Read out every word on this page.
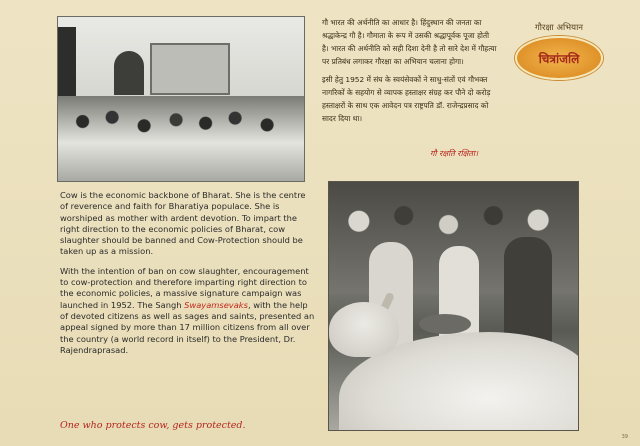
गौ भारत की अर्थनीति का आधार है। हिंदुस्थान की जनता का श्रद्धाकेन्द्र गौ है। गौमाता के रूप में उसकी श्रद्धापूर्वक पूजा होती है। भारत की अर्थनीति को सही दिशा देनी है तो सारे देश में गौहत्या पर प्रतिबंध लगाकर गौरक्षा का अभियान चलाना होगा।

इसी हेतु 1952 में संघ के स्वयंसेवकों ने साधु-संतों एवं गौभक्त नागरिकों के सहयोग से व्यापक हस्ताक्षर संग्रह कर पौने दो करोड़ हस्ताक्षरों के साथ एक आवेदन पत्र राष्ट्रपति डॉ. राजेन्द्रप्रसाद को सादर दिया था।

गौ रक्षति रक्षिता।
गौरक्षा अभियान
चित्रांजलि

Cow is the economic backbone of Bharat. She is the centre of reverence and faith for Bharatiya populace. She is worshiped as mother with ardent devotion. To impart the right direction to the economic policies of Bharat, cow slaughter should be banned and Cow-Protection should be taken up as a mission.

With the intention of ban on cow slaughter, encouragement to cow-protection and therefore imparting right direction to the economic policies, a massive signature campaign was launched in 1952. The Sangh Swayamsevaks, with the help of devoted citizens as well as sages and saints, presented an appeal signed by more than 17 million citizens from all over the country (a world record in itself) to the President, Dr. Rajendraprasad.

One who protects cow, gets protected.
39
